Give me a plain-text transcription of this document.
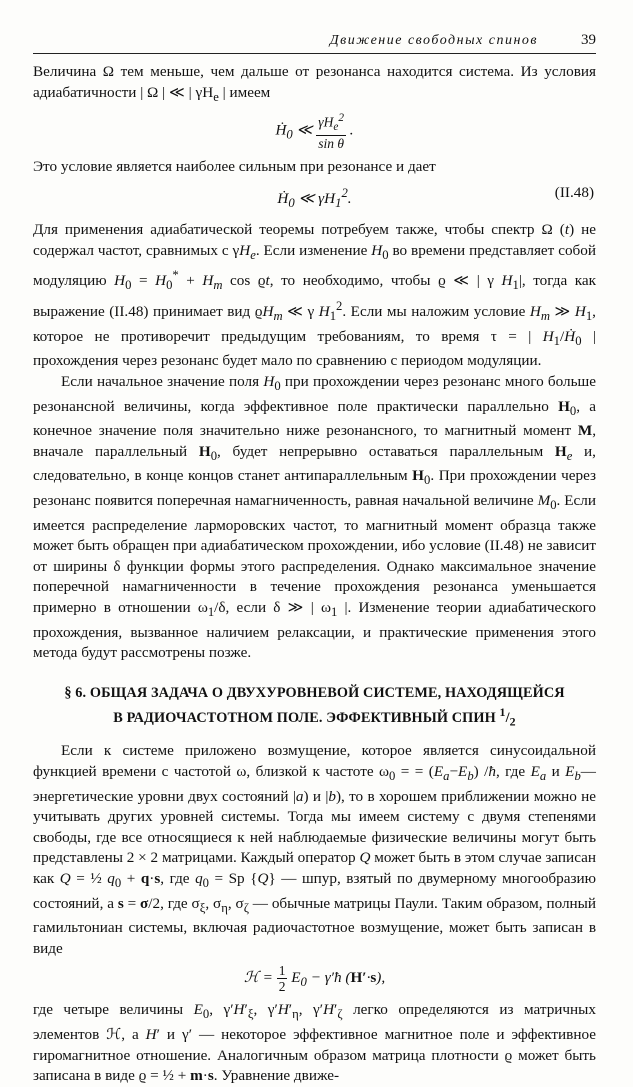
Движение свободных спинов	39

Величина Ω тем меньше, чем дальше от резонанса находится система. Из условия адиабатичности | Ω | ≪ | $\gamma H_e$ | имеем

Ḣ$_0$ ≪ $\frac{\gamma H_e^2}{\text{sin θ}}$ .

Это условие является наиболее сильным при резонансе и дает

Ḣ$_0$ ≪ $\gamma H_1^2$.	(II.48)

Для применения адиабатической теоремы потребуем также, чтобы спектр Ω (t) не содержал частот, сравнимых с $\gamma H_e$. Если изменение $H_0$ во времени представляет собой модуляцию $H_0 = H_0^* + H_m$ cos ϱt, то необходимо, чтобы ϱ ≪ | γ $H_1|$, тогда как выражение (II.48) принимает вид $ϱH_m$ ≪ γ $H_1^2$. Если мы наложим условие $H_m$ ≫ $H_1$, которое не противоречит предыдущим требованиям, то время τ = | $H_1/Ḣ_0$ | прохождения через резонанс будет мало по сравнению с периодом модуляции.

Если начальное значение поля $H_0$ при прохождении через резонанс много больше резонансной величины, когда эффективное поле практически параллельно $H_0$, а конечное значение поля значительно ниже резонансного, то магнитный момент M, вначале параллельный $H_0$, будет непрерывно оставаться параллельным $H_e$ и, следовательно, в конце концов станет антипараллельным $H_0$. При прохождении через резонанс появится поперечная намагниченность, равная начальной величине $M_0$. Если имеется распределение ларморовских частот, то магнитный момент образца также может быть обращен при адиабатическом прохождении, ибо условие (II.48) не зависит от ширины δ функции формы этого распределения. Однако максимальное значение поперечной намагниченности в течение прохождения резонанса уменьшается примерно в отношении $\omega_1/\delta$, если δ ≫ | $\omega_1$ |. Изменение теории адиабатического прохождения, вызванное наличием релаксации, и практические применения этого метода будут рассмотрены позже.

§ 6. ОБЩАЯ ЗАДАЧА О ДВУХУРОВНЕВОЙ СИСТЕМЕ, НАХОДЯЩЕЙСЯ
В РАДИОЧАСТОТНОМ ПОЛЕ. ЭФФЕКТИВНЫЙ СПИН $^1/_2$

Если к системе приложено возмущение, которое является синусоидальной функцией времени с частотой ω, близкой к частоте $\omega_0$ = = $(E_a-E_b)$ /ħ, где $E_a$ и $E_b—энергетические$ уровни двух состояний |a) и |b), то в хорошем приближении можно не учитывать других уровней системы. Тогда мы имеем систему с двумя степенями свободы, где все относящиеся к ней наблюдаемые физические величины могут быть представлены 2 × 2 матрицами. Каждый оператор Q может быть в этом случае записан как Q = ½ $q_0 + q\cdot s$, где $q_0 = Sp$ {Q} — шпур, взятый по двумерному многообразию состояний, а s = σ/2, где $\sigma_\xi$, $\sigma_\eta$, $\sigma_\zeta$ — обычные матрицы Паули. Таким образом, полный гамильтониан системы, включая радиочастотное возмущение, может быть записан в виде

ℋ = $\frac{1}{2} E_0$ − γ′ħ (H′·s),

где четыре величины $E_0$, $\gamma'H'_\xi$, $\gamma'H'_\eta$, $\gamma'H'_\zeta$ легко определяются из матричных элементов ℋ, а H′ и γ′ — некоторое эффективное магнитное поле и эффективное гиромагнитное отношение. Аналогичным образом матрица плотности ϱ может быть записана в виде ϱ = ½ + m·s. Уравнение движе-
